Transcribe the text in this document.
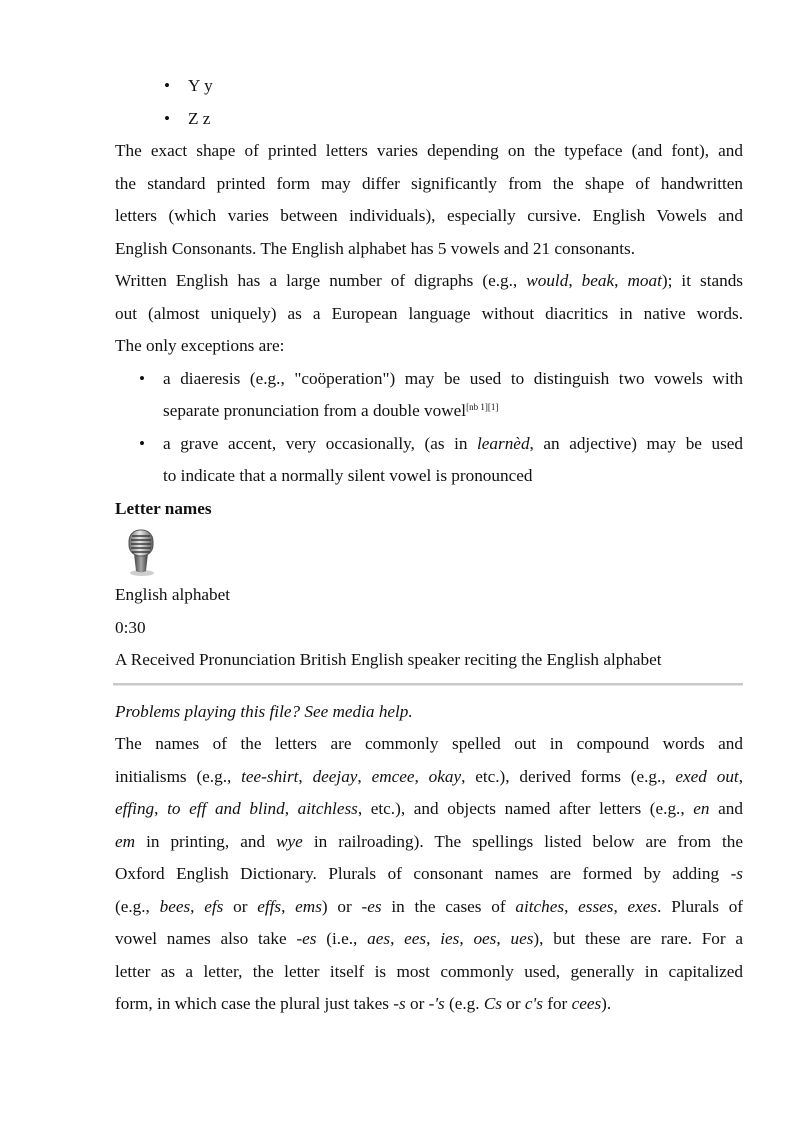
• Y y
• Z z
The exact shape of printed letters varies depending on the typeface (and font), and
the standard printed form may differ significantly from the shape of handwritten
letters (which varies between individuals), especially cursive. English Vowels and
English Consonants. The English alphabet has 5 vowels and 21 consonants.
Written English has a large number of digraphs (e.g., would, beak, moat); it stands
out (almost uniquely) as a European language without diacritics in native words.
The only exceptions are:
• a diaeresis (e.g., "coöperation") may be used to distinguish two vowels with
separate pronunciation from a double vowel[nb 1][1]
• a grave accent, very occasionally, (as in learnèd, an adjective) may be used
to indicate that a normally silent vowel is pronounced
Letter names
English alphabet
0:30
A Received Pronunciation British English speaker reciting the English alphabet
Problems playing this file? See media help.
The names of the letters are commonly spelled out in compound words and
initialisms (e.g., tee-shirt, deejay, emcee, okay, etc.), derived forms (e.g., exed out,
effing, to eff and blind, aitchless, etc.), and objects named after letters (e.g., en and
em in printing, and wye in railroading). The spellings listed below are from the
Oxford English Dictionary. Plurals of consonant names are formed by adding -s
(e.g., bees, efs or effs, ems) or -es in the cases of aitches, esses, exes. Plurals of
vowel names also take -es (i.e., aes, ees, ies, oes, ues), but these are rare. For a
letter as a letter, the letter itself is most commonly used, generally in capitalized
form, in which case the plural just takes -s or -'s (e.g. Cs or c's for cees).
